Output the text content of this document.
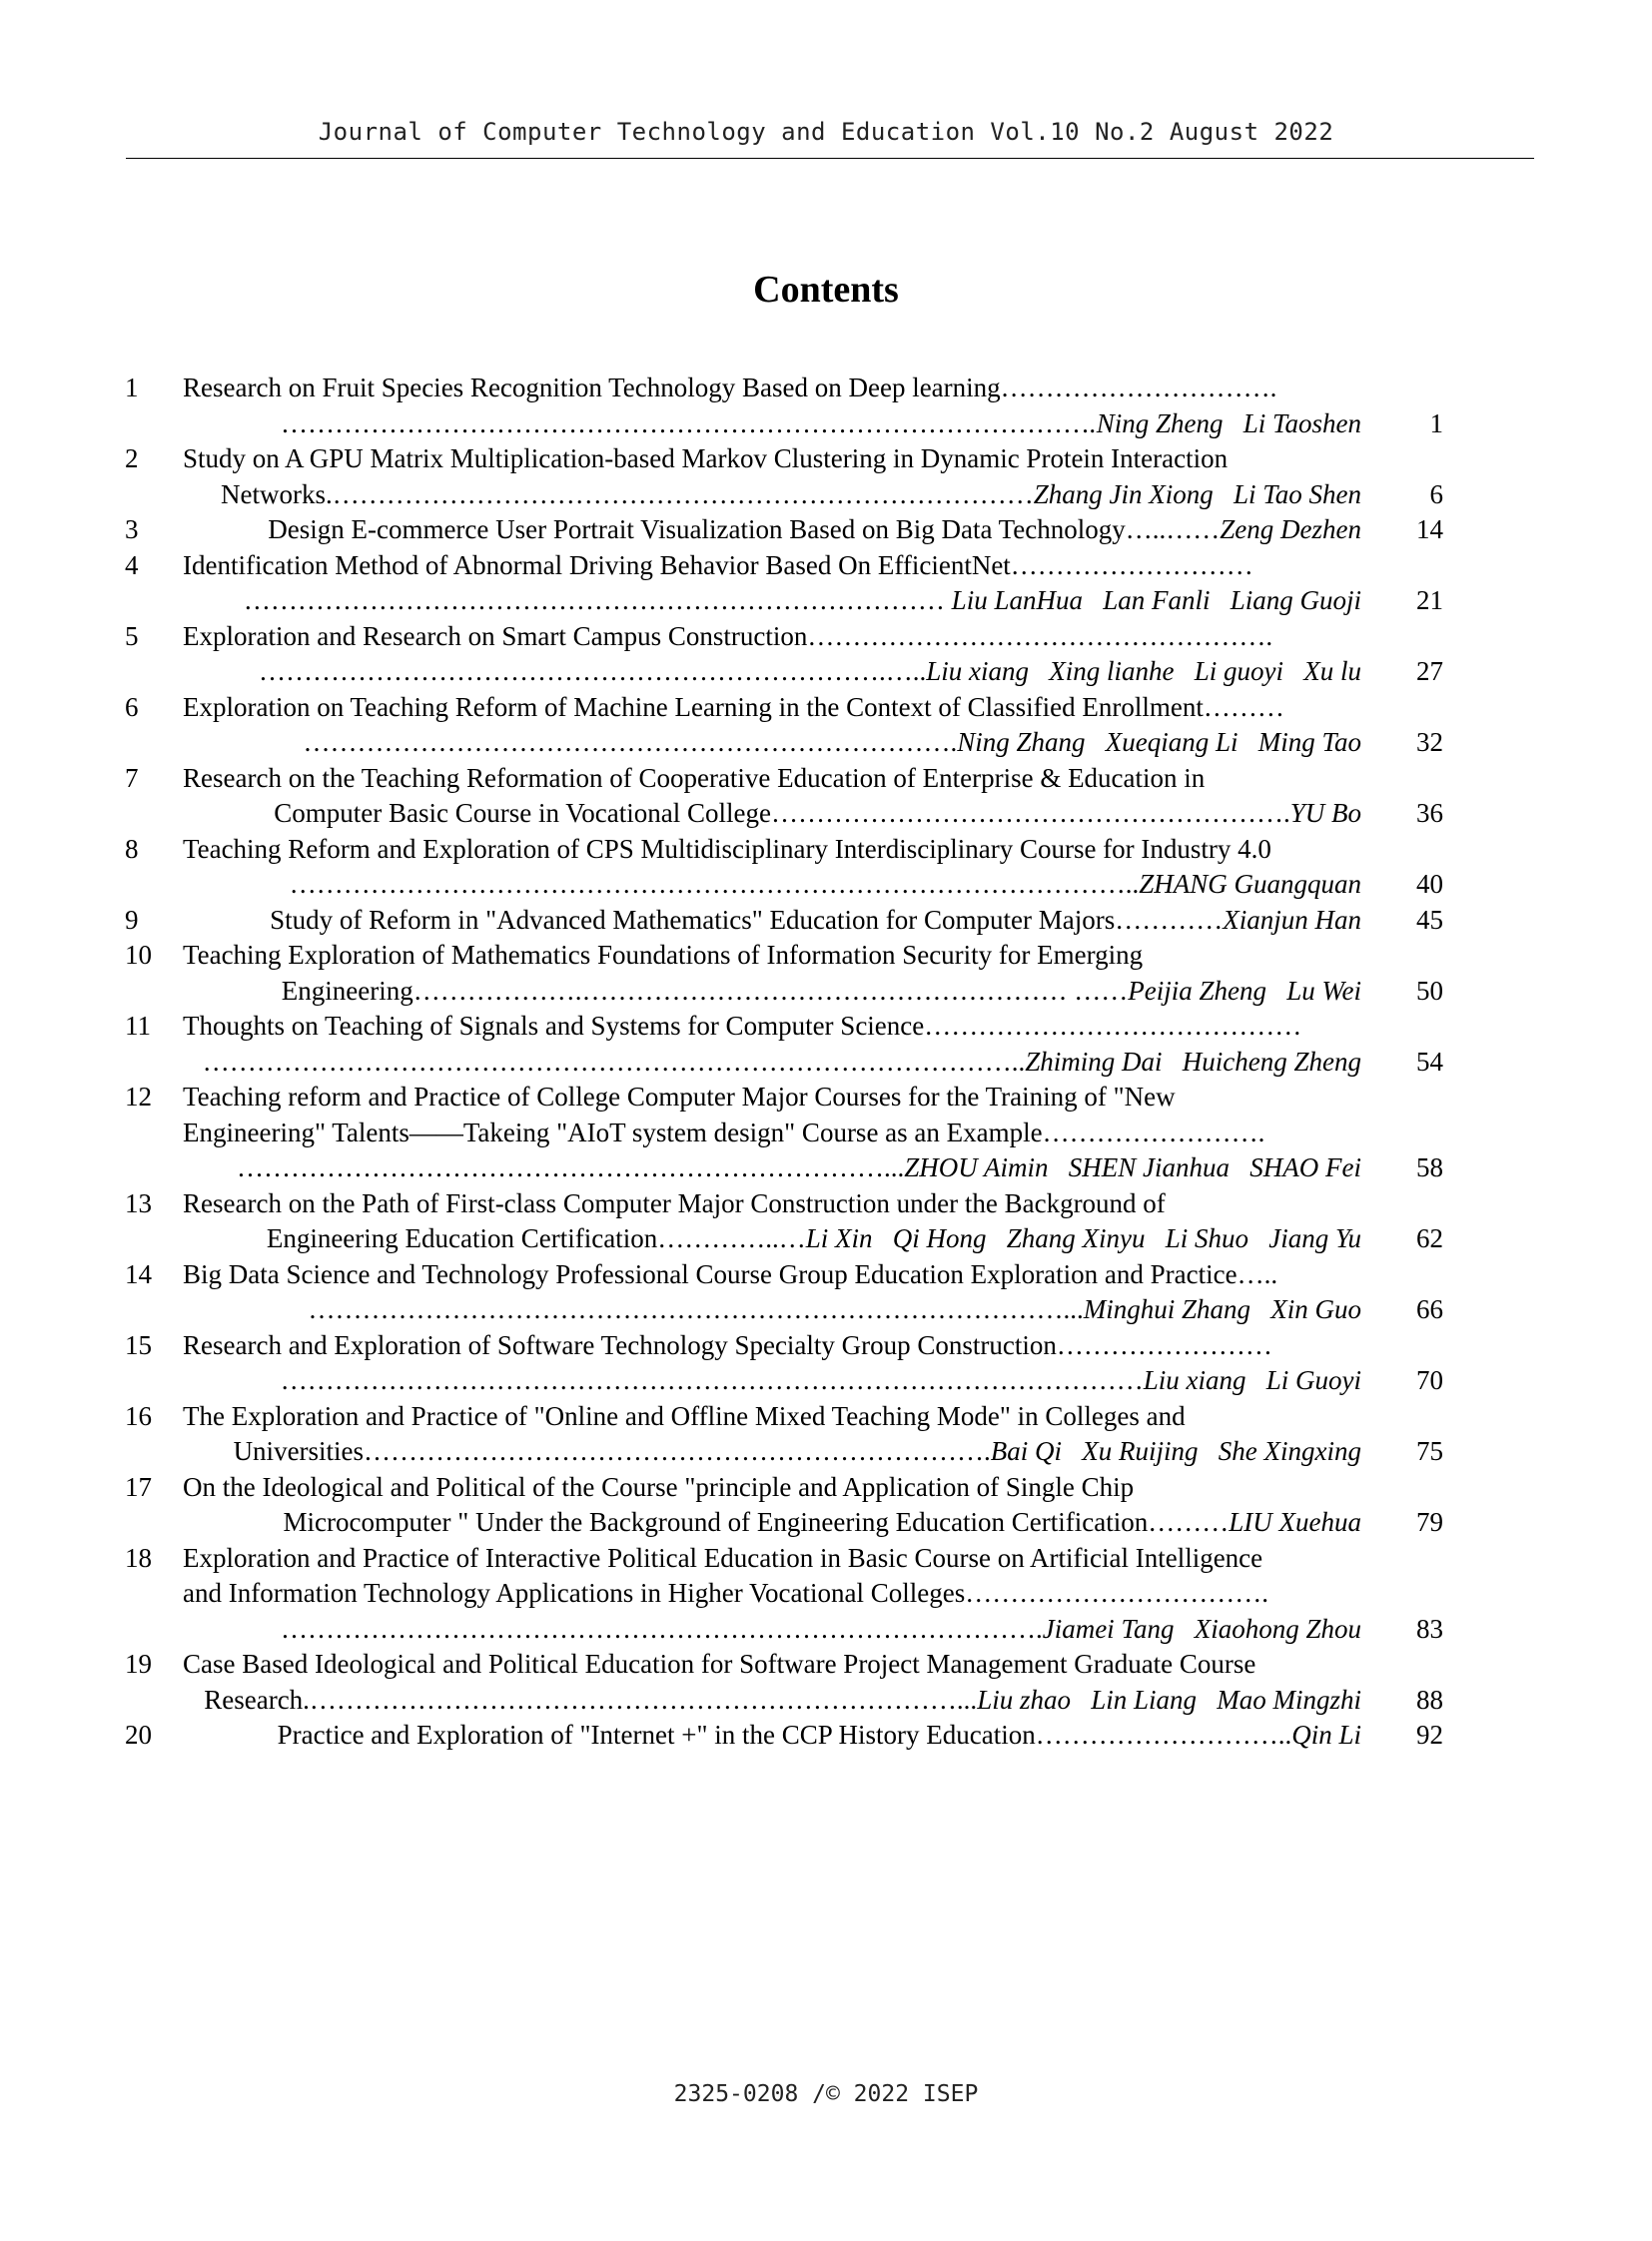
Journal of Computer Technology and Education Vol.10 No.2 August 2022
Contents
1	Research on Fruit Species Recognition Technology Based on Deep learning………………………….
……………………………………………………………………………….Ning Zheng   Li Taoshen	1
2	Study on A GPU Matrix Multiplication-based Markov Clustering in Dynamic Protein Interaction
Networks.……………………………………………………………………Zhang Jin Xiong   Li Tao Shen	6
3	Design E-commerce User Portrait Visualization Based on Big Data Technology…..……Zeng Dezhen	14
4	Identification Method of Abnormal Driving Behavior Based On EfficientNet………………………
…………………………………………………………………… Liu LanHua   Lan Fanli   Liang Guoji	21
5	Exploration and Research on Smart Campus Construction…………………………………………….
…………………………………………………………….…..Liu xiang   Xing lianhe   Li guoyi   Xu lu	27
6	Exploration on Teaching Reform of Machine Learning in the Context of Classified Enrollment………
……………………………………………………………….Ning Zhang   Xueqiang Li   Ming Tao	32
7	Research on the Teaching Reformation of Cooperative Education of Enterprise & Education in
Computer Basic Course in Vocational College………………………………………………….YU Bo	36
8	Teaching Reform and Exploration of CPS Multidisciplinary Interdisciplinary Course for Industry 4.0
…………………………………………………………………………………..ZHANG Guangquan	40
9	Study of Reform in "Advanced Mathematics" Education for Computer Majors…………Xianjun Han	45
10 Teaching Exploration of Mathematics Foundations of Information Security for Emerging
Engineering……………….……………………………………………… ……Peijia Zheng   Lu Wei	50
11 Thoughts on Teaching of Signals and Systems for Computer Science……………………………………
………………………………………………………………………………..Zhiming Dai   Huicheng Zheng	54
12 Teaching reform and Practice of College Computer Major Courses for the Training of "New
Engineering" Talents——Takeing "AIoT system design" Course as an Example…………………….
………………………………………………………………...ZHOU Aimin   SHEN Jianhua   SHAO Fei	58
13 Research on the Path of First-class Computer Major Construction under the Background of
Engineering Education Certification…………..…Li Xin   Qi Hong   Zhang Xinyu   Li Shuo   Jiang Yu	62
14 Big Data Science and Technology Professional Course Group Education Exploration and Practice…..
…………………………………………………………………………...Minghui Zhang   Xin Guo	66
15 Research and Exploration of Software Technology Specialty Group Construction……………………
……………………………………………………………………………………Liu xiang   Li Guoyi	70
16 The Exploration and Practice of "Online and Offline Mixed Teaching Mode" in Colleges and
Universities…………………………………………………………….Bai Qi   Xu Ruijing   She Xingxing	75
17 On the Ideological and Political of the Course "principle and Application of Single Chip
Microcomputer " Under the Background of Engineering Education Certification………LIU Xuehua	79
18 Exploration and Practice of Interactive Political Education in Basic Course on Artificial Intelligence
and Information Technology Applications in Higher Vocational Colleges…………………………….
………………………………………………………………………….Jiamei Tang   Xiaohong Zhou	83
19 Case Based Ideological and Political Education for Software Project Management Graduate Course
Research.………………………………………………………………...Liu zhao   Lin Liang   Mao Mingzhi	88
20	Practice and Exploration of "Internet +" in the CCP History Education………………………..Qin Li	92
2325-0208 /© 2022 ISEP
